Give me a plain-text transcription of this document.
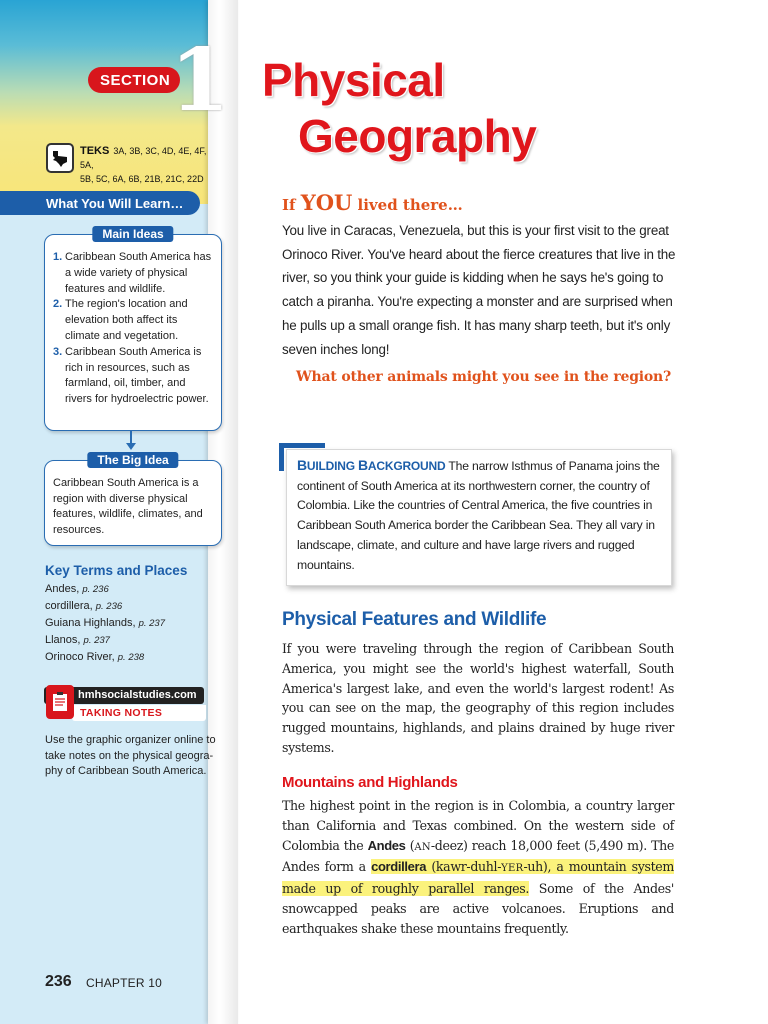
SECTION 1
TEKS 3A, 3B, 3C, 4D, 4E, 4F, 5A,
5B, 5C, 6A, 6B, 21B, 21C, 22D
What You Will Learn…
Main Ideas
1. Caribbean South America has a wide variety of physical features and wildlife.
2. The region's location and elevation both affect its climate and vegetation.
3. Caribbean South America is rich in resources, such as farmland, oil, timber, and rivers for hydroelectric power.
The Big Idea

Caribbean South America is a region with diverse physical features, wildlife, climates, and resources.

Key Terms and Places
Andes, p. 236
cordillera, p. 236
Guiana Highlands, p. 237
Llanos, p. 237
Orinoco River, p. 238
hmhsocialstudies.com
TAKING NOTES
Use the graphic organizer online to take notes on the physical geogra-phy of Caribbean South America.
236 CHAPTER 10
Physical
Geography
If YOU lived there…
You live in Caracas, Venezuela, but this is your first visit to the great Orinoco River. You've heard about the fierce creatures that live in the river, so you think your guide is kidding when he says he's going to catch a piranha. You're expecting a monster and are surprised when he pulls up a small orange fish. It has many sharp teeth, but it's only seven inches long!
What other animals might you see in the region?
BUILDING BACKGROUND The narrow Isthmus of Panama joins the continent of South America at its northwestern corner, the country of Colombia. Like the countries of Central America, the five countries in Caribbean South America border the Caribbean Sea. They all vary in landscape, climate, and culture and have large rivers and rugged mountains.
Physical Features and Wildlife
If you were traveling through the region of Caribbean South America, you might see the world's highest waterfall, South America's largest lake, and even the world's largest rodent! As you can see on the map, the geography of this region includes rugged mountains, highlands, and plains drained by huge river systems.
Mountains and Highlands
The highest point in the region is in Colombia, a country larger than California and Texas combined. On the western side of Colombia the Andes (AN-deez) reach 18,000 feet (5,490 m). The Andes form a cordillera (kawr-duhl-YER-uh), a mountain system made up of roughly parallel ranges. Some of the Andes' snowcapped peaks are active volcanoes. Eruptions and earthquakes shake these mountains frequently.
